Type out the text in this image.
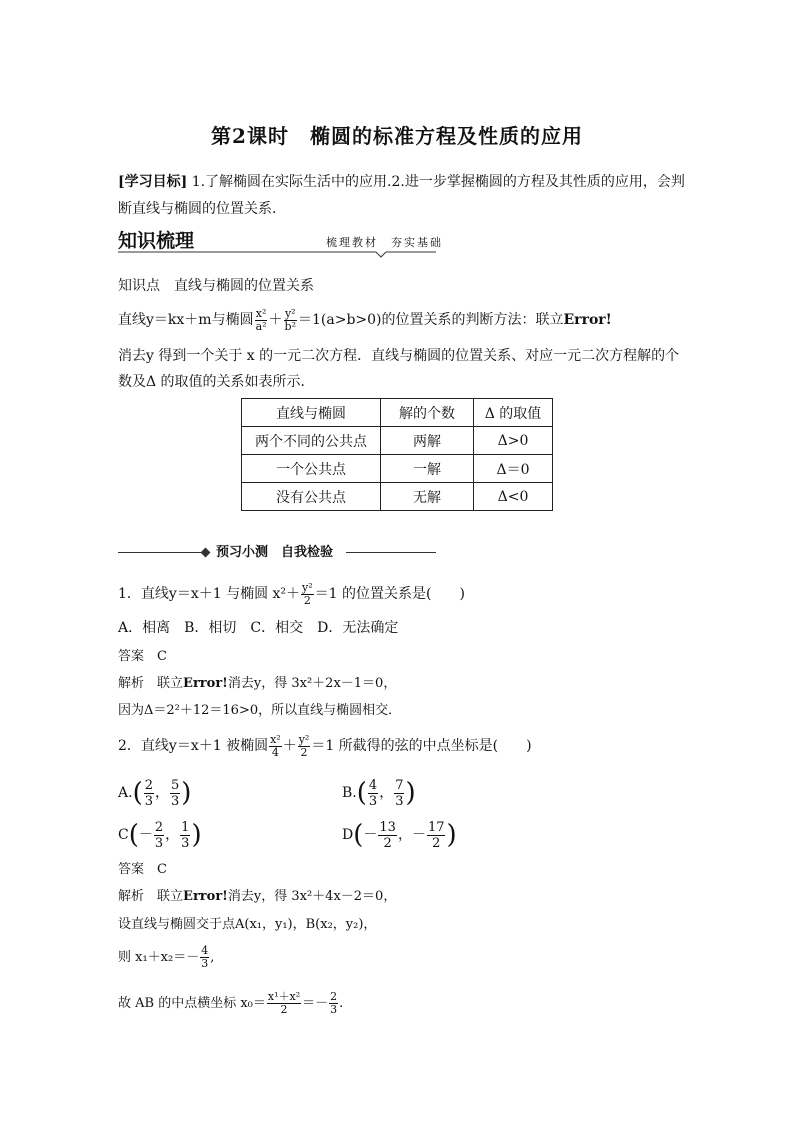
第2课时　椭圆的标准方程及性质的应用
[学习目标] 1.了解椭圆在实际生活中的应用.2.进一步掌握椭圆的方程及其性质的应用，会判
断直线与椭圆的位置关系．
知识梳理	梳理教材　夯实基础
知识点　直线与椭圆的位置关系
直线y＝kx＋m与椭圆 $\frac{\text{x²}}{\text{a²}} + \frac{\text{y²}}{\text{b²}} =1(a>b>0)$的位置关系的判断方法：联立Error!
消去y 得到一个关于 x 的一元二次方程．直线与椭圆的位置关系、对应一元二次方程解的个
数及Δ 的取值的关系如表所示．
直线与椭圆	解的个数	Δ 的取值
两个不同的公共点	两解	Δ>0
一个公共点	一解	Δ＝0
没有公共点	无解	Δ<0
预习小测　自我检验
1．直线y＝x＋1 与椭圆 $x^2+ \frac{\text{y²}}{2} =1$ 的位置关系是(　　)
A．相离　B．相切　C．相交　D．无法确定
答案　 C
解析　 联立Error!消去y，得 3x²＋2x－1＝0，
因为Δ＝2²＋12＝16>0，所以直线与椭圆相交．
2．直线y＝x＋1 被椭圆 $\frac{\text{x²}}{4} + \frac{\text{y²}}{2} =1$ 所截得的弦的中点坐标是(　　)
$A.( \frac{2}{3}$ ， $\frac{5}{3}$ )	$B.( \frac{4}{3}$ ， $\frac{7}{3}$ )
$C(- \frac{2}{3}$ ， $\frac{1}{3}$ )	$D(- \frac{13}{2}$ ，－ $\frac{17}{2}$ )
答案　 C
解析　 联立Error!消去y，得 3x²＋4x－2＝0，
设直线与椭圆交于点A(x₁，y₁)，B(x₂，y₂)，
则 $x_1+x_2=- \frac{4}{3}$ ,
故 AB 的中点横坐标 $x_0= \frac{\text{x¹＋x²}}{2} =- \frac{2}{3}$ .
